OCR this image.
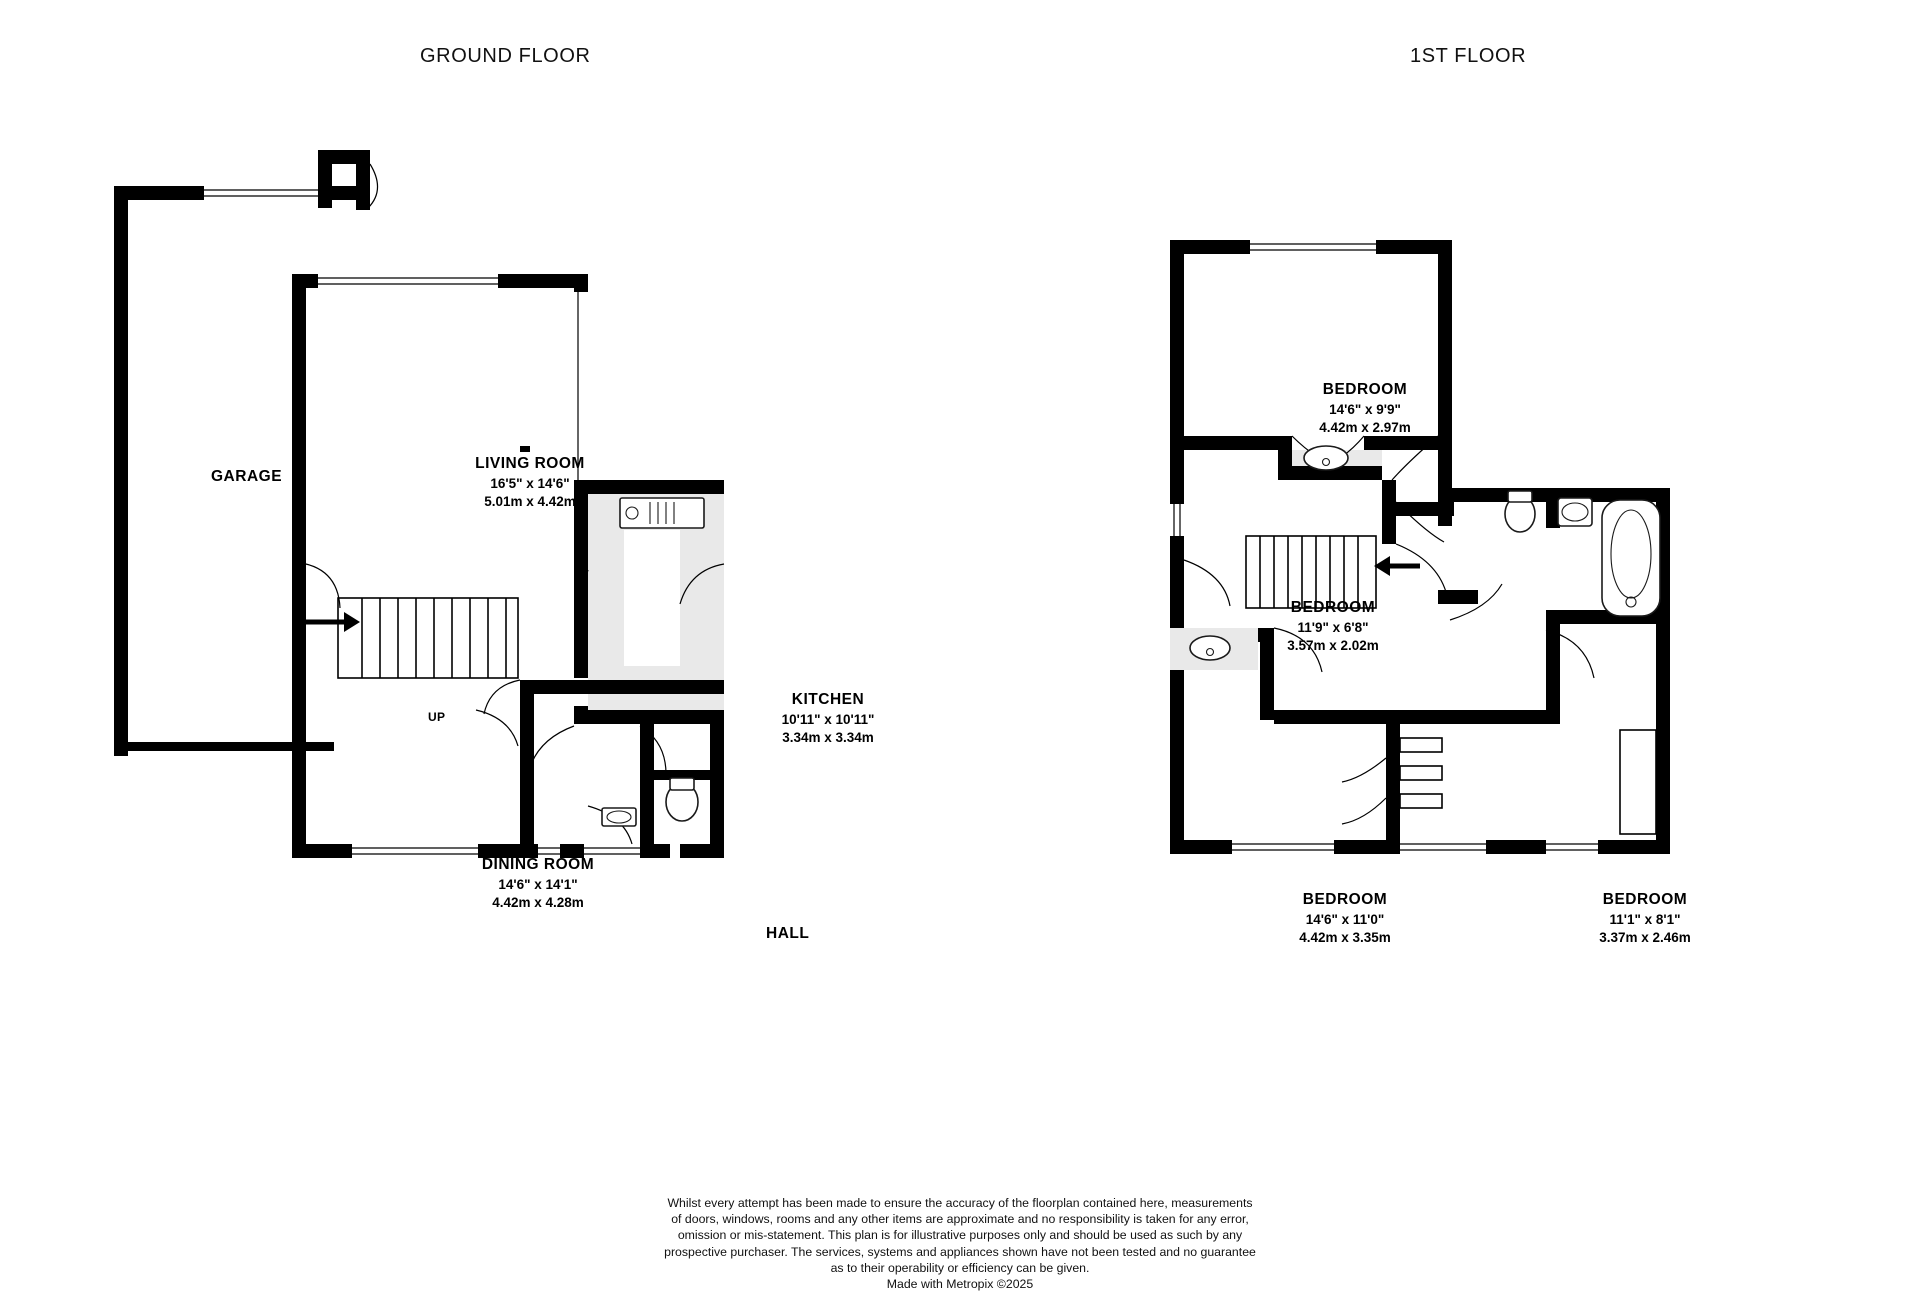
GROUND FLOOR	1ST FLOOR
GARAGE
LIVING ROOM
16'5" x 14'6"
5.01m x 4.42m
KITCHEN
10'11" x 10'11"
3.34m x 3.34m
DINING ROOM
14'6" x 14'1"
4.42m x 4.28m
HALL
UP
BEDROOM
14'6" x 9'9"
4.42m x 2.97m
BEDROOM
11'9" x 6'8"
3.57m x 2.02m
BEDROOM
14'6" x 11'0"
4.42m x 3.35m
BEDROOM
11'1" x 8'1"
3.37m x 2.46m
LANDING
Whilst every attempt has been made to ensure the accuracy of the floorplan contained here, measurements
of doors, windows, rooms and any other items are approximate and no responsibility is taken for any error,
omission or mis-statement. This plan is for illustrative purposes only and should be used as such by any
prospective purchaser. The services, systems and appliances shown have not been tested and no guarantee
as to their operability or efficiency can be given.
Made with Metropix ©2025
